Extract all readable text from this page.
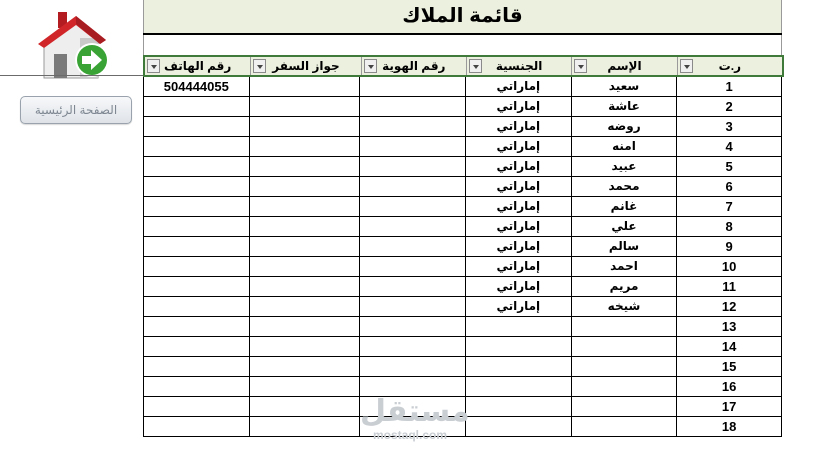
الصفحة الرئيسية
قائمة الملاك
ر.ت
الإسم
الجنسية
رقم الهوية
جواز السفر
رقم الهاتف
1
سعيد
إماراتي
504444055
2
عاشة
إماراتي
3
روضه
إماراتي
4
امنه
إماراتي
5
عبيد
إماراتي
6
محمد
إماراتي
7
غانم
إماراتي
8
علي
إماراتي
9
سالم
إماراتي
10
احمد
إماراتي
11
مريم
إماراتي
12
شيخه
إماراتي
13
14
15
16
17
18
مستقل
mostaql.com
